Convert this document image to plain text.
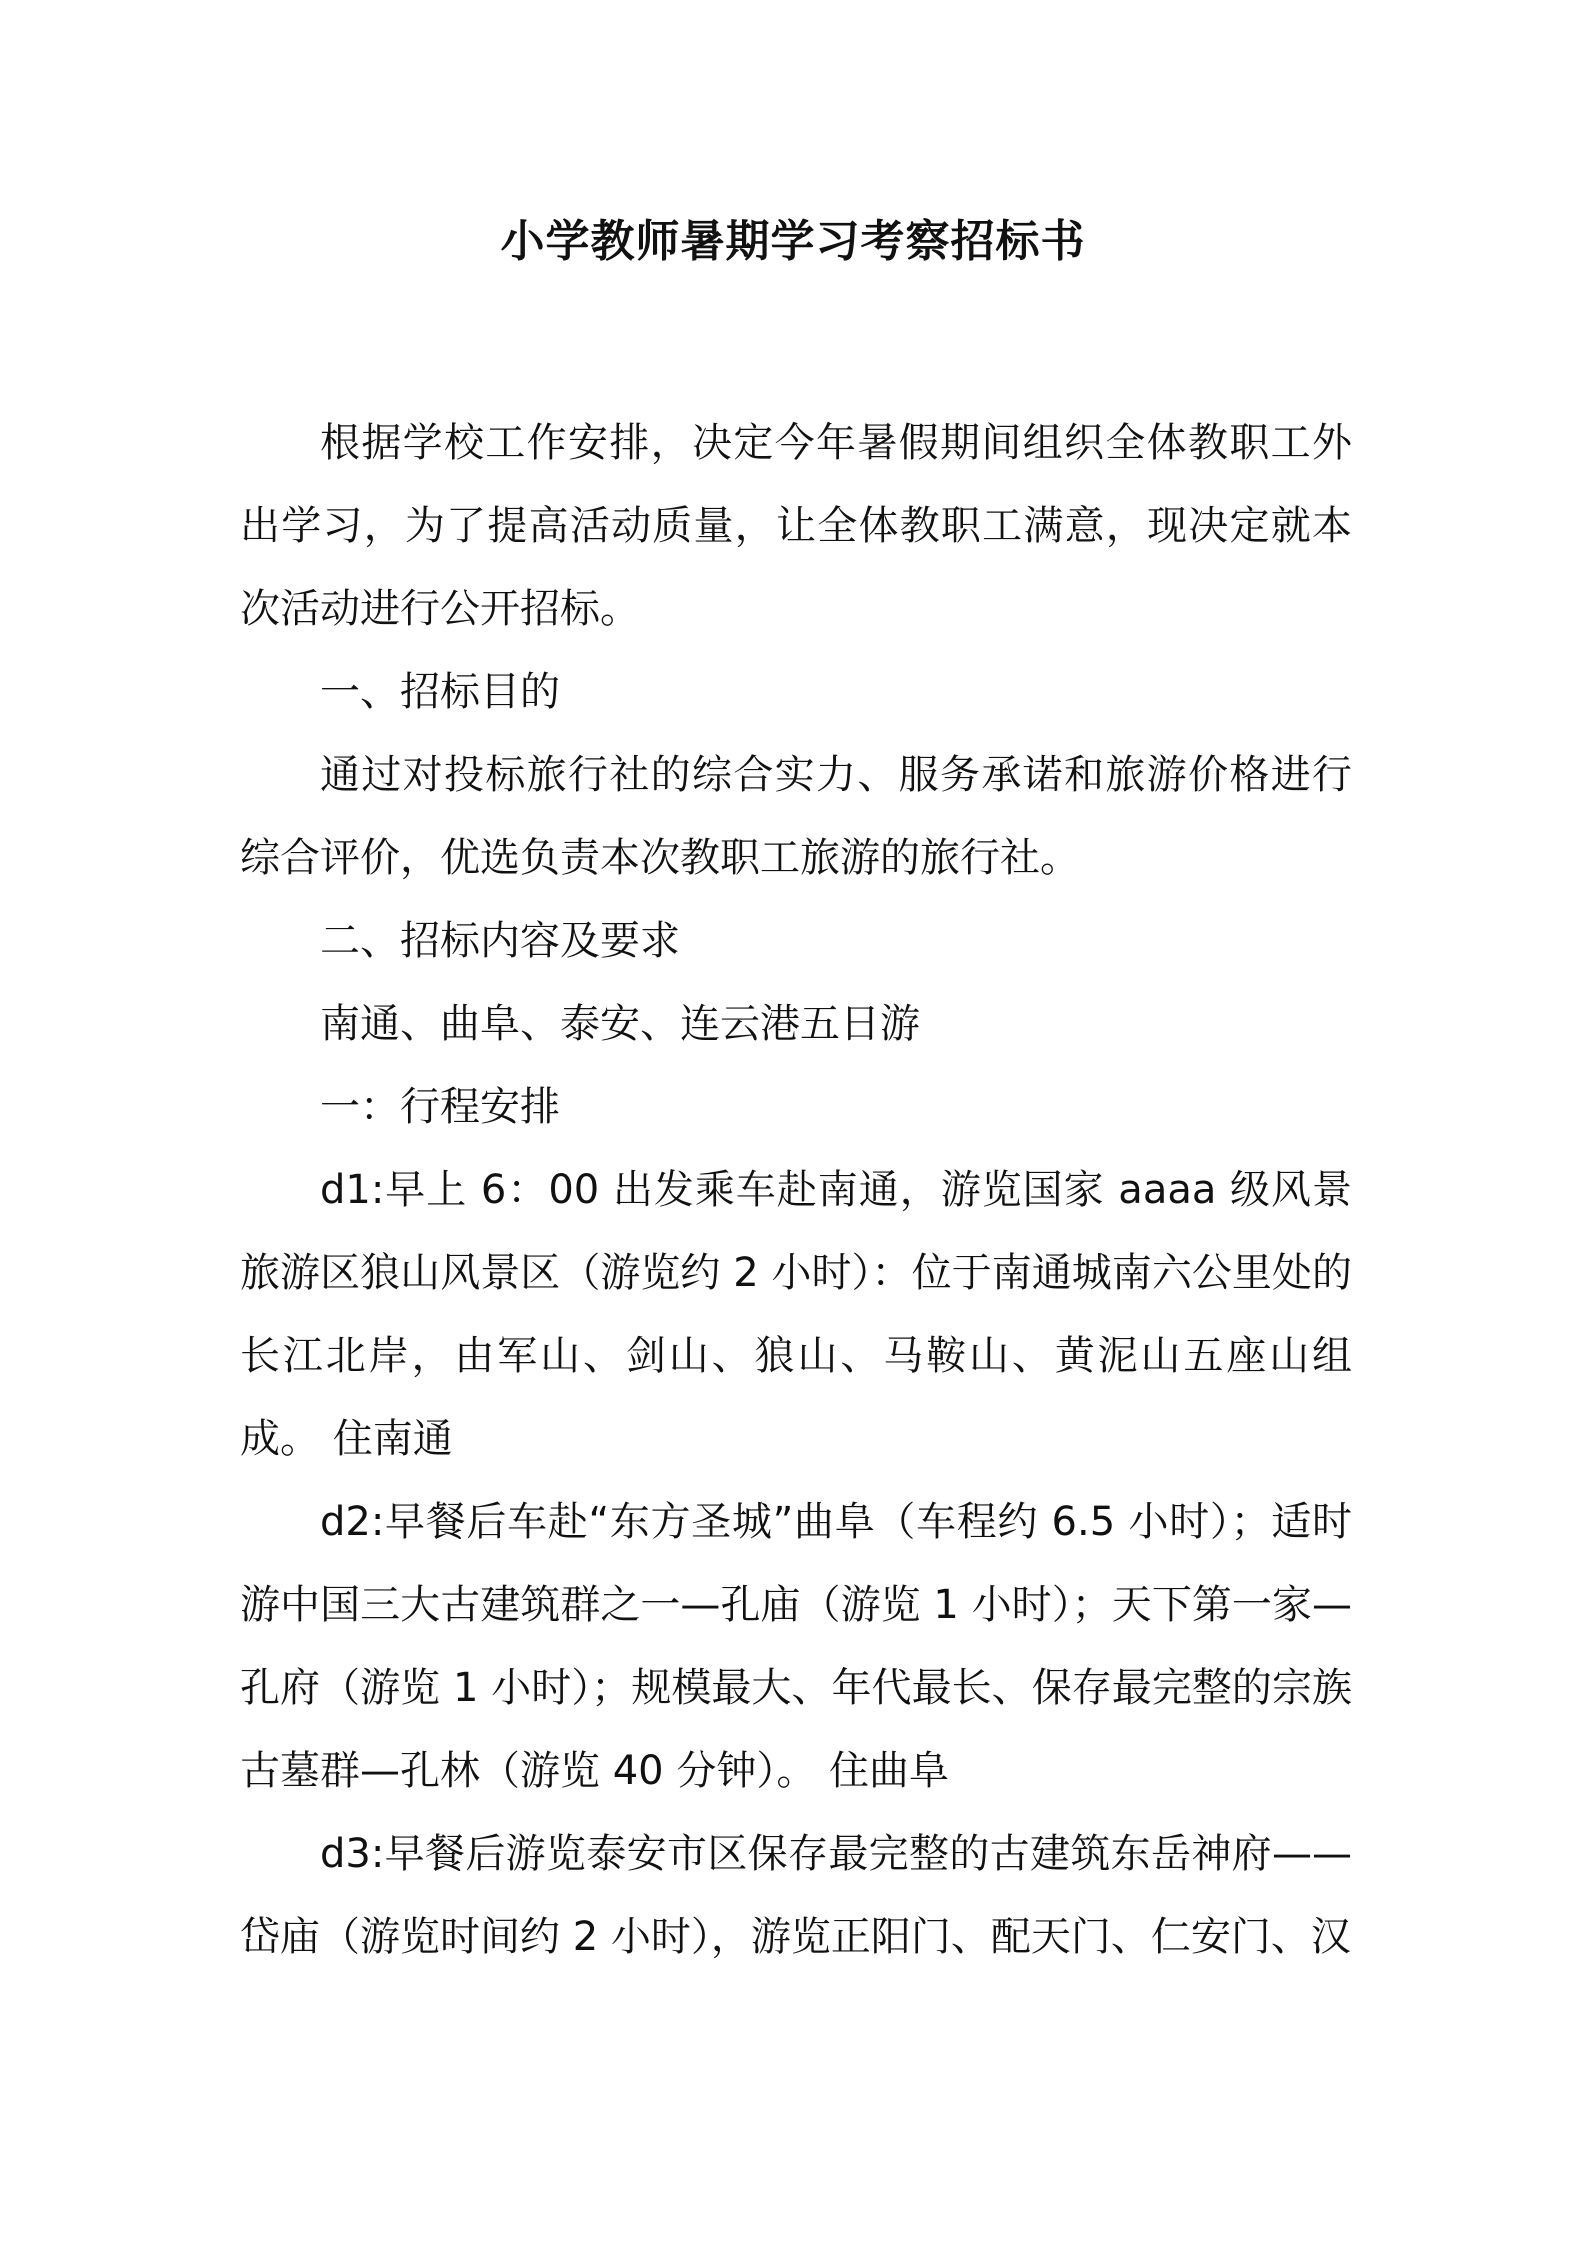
小学教师暑期学习考察招标书

根据学校工作安排，决定今年暑假期间组织全体教职工外出学习，为了提高活动质量，让全体教职工满意，现决定就本次活动进行公开招标。

一、招标目的

通过对投标旅行社的综合实力、服务承诺和旅游价格进行综合评价，优选负责本次教职工旅游的旅行社。

二、招标内容及要求

南通、曲阜、泰安、连云港五日游

一：行程安排

d1:早上 6：00 出发乘车赴南通，游览国家 aaaa 级风景旅游区狼山风景区（游览约 2 小时）：位于南通城南六公里处的长江北岸，由军山、剑山、狼山、马鞍山、黄泥山五座山组成。 住南通

d2:早餐后车赴“东方圣城”曲阜（车程约 6.5 小时）；适时游中国三大古建筑群之一—孔庙（游览 1 小时）；天下第一家—孔府（游览 1 小时）；规模最大、年代最长、保存最完整的宗族古墓群—孔林（游览 40 分钟）。 住曲阜

d3:早餐后游览泰安市区保存最完整的古建筑东岳神府——岱庙（游览时间约 2 小时），游览正阳门、配天门、仁安门、汉
